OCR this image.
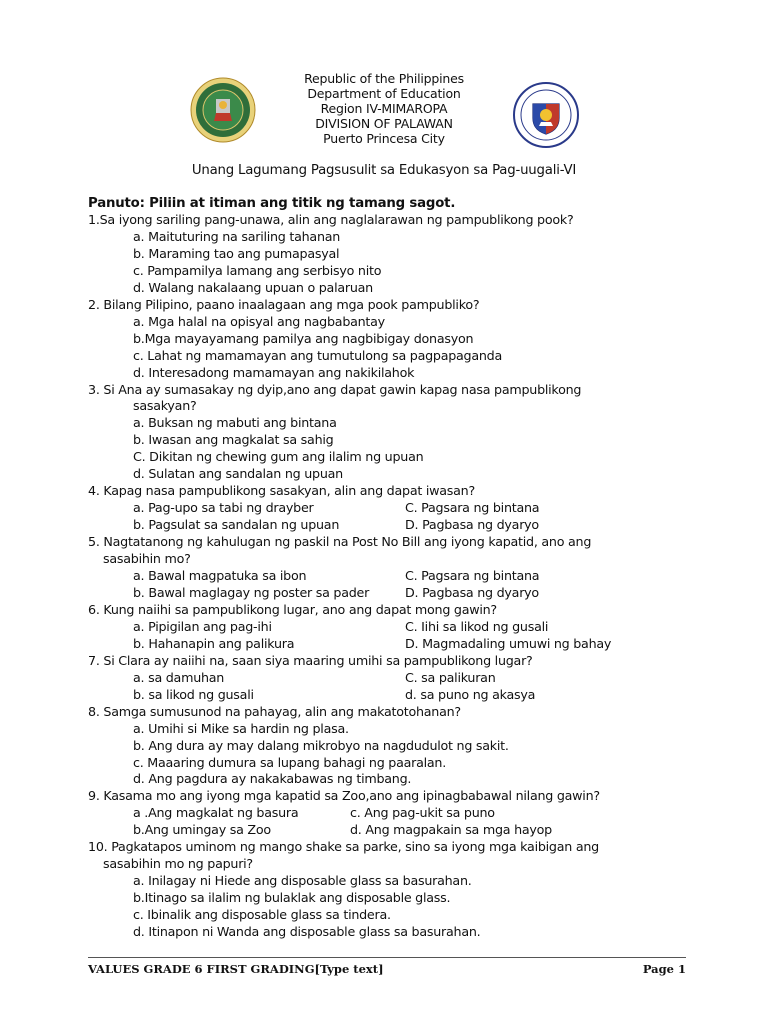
Republic of the Philippines
Department of Education
Region IV-MIMAROPA
DIVISION OF PALAWAN
Puerto Princesa City
Unang Lagumang Pagsusulit sa Edukasyon sa Pag-uugali-VI
Panuto: Piliin at itiman ang titik ng tamang sagot.
1.Sa iyong sariling pang-unawa, alin ang naglalarawan ng pampublikong pook?
a. Maituturing na sariling tahanan
b. Maraming tao ang pumapasyal
c. Pampamilya lamang ang serbisyo nito
d. Walang nakalaang upuan o palaruan
2. Bilang Pilipino, paano inaalagaan ang mga pook pampubliko?
a. Mga halal na opisyal ang nagbabantay
b.Mga mayayamang pamilya ang nagbibigay donasyon
c. Lahat ng mamamayan ang tumutulong sa pagpapaganda
d. Interesadong mamamayan ang nakikilahok
3. Si Ana ay sumasakay ng dyip,ano ang dapat gawin kapag nasa pampublikong
sasakyan?
a. Buksan ng mabuti ang bintana
b. Iwasan ang magkalat sa sahig
C. Dikitan ng chewing gum ang ilalim ng upuan
d. Sulatan ang sandalan ng upuan
4. Kapag nasa pampublikong sasakyan, alin ang dapat iwasan?
a. Pag-upo sa tabi ng drayber	C. Pagsara ng bintana
b. Pagsulat sa sandalan ng upuan	D. Pagbasa ng dyaryo
5. Nagtatanong ng kahulugan ng paskil na Post No Bill ang iyong kapatid, ano ang
sasabihin mo?
a. Bawal magpatuka sa ibon	C. Pagsara ng bintana
b. Bawal maglagay ng poster sa pader	D. Pagbasa ng dyaryo
6. Kung naiihi sa pampublikong lugar, ano ang dapat mong gawin?
a. Pipigilan ang pag-ihi	C. Iihi sa likod ng gusali
b. Hahanapin ang palikura	D. Magmadaling umuwi ng bahay
7. Si Clara ay naiihi na, saan siya maaring umihi sa pampublikong lugar?
a. sa damuhan	C. sa palikuran
b. sa likod ng gusali	d. sa puno ng akasya
8. Samga sumusunod na pahayag, alin ang makatotohanan?
a. Umihi si Mike sa hardin ng plasa.
b. Ang dura ay may dalang mikrobyo na nagdudulot ng sakit.
c. Maaaring dumura sa lupang bahagi ng paaralan.
d. Ang pagdura ay nakakabawas ng timbang.
9. Kasama mo ang iyong mga kapatid sa Zoo,ano ang ipinagbabawal nilang gawin?
a .Ang magkalat ng basura	c. Ang pag-ukit sa puno
b.Ang umingay sa Zoo	d. Ang magpakain sa mga hayop
10. Pagkatapos uminom ng mango shake sa parke, sino sa iyong mga kaibigan ang
sasabihin mo ng papuri?
a. Inilagay ni Hiede ang disposable glass sa basurahan.
b.Itinago sa ilalim ng bulaklak ang disposable glass.
c. Ibinalik ang disposable glass sa tindera.
d. Itinapon ni Wanda ang disposable glass sa basurahan.
VALUES GRADE 6 FIRST GRADING[Type text]	Page 1
